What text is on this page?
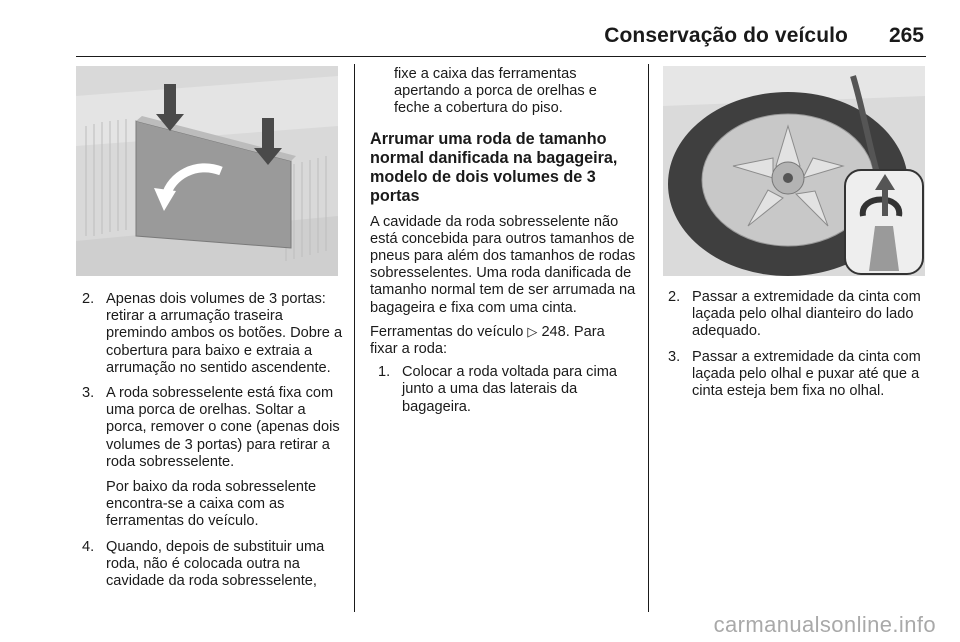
Conservação do veículo 265
2. Apenas dois volumes de 3 portas: retirar a arrumação traseira premindo ambos os botões. Dobre a cobertura para baixo e extraia a arrumação no sentido ascendente.
3. A roda sobresselente está fixa com uma porca de orelhas. Soltar a porca, remover o cone (apenas dois volumes de 3 portas) para retirar a roda sobresselente.
Por baixo da roda sobresselente encontra-se a caixa com as ferramentas do veículo.
4. Quando, depois de substituir uma roda, não é colocada outra na cavidade da roda sobresselente,
fixe a caixa das ferramentas apertando a porca de orelhas e feche a cobertura do piso.
Arrumar uma roda de tamanho normal danificada na bagageira, modelo de dois volumes de 3 portas

A cavidade da roda sobresselente não está concebida para outros tamanhos de pneus para além dos tamanhos de rodas sobresselentes. Uma roda danificada de tamanho normal tem de ser arrumada na bagageira e fixa com uma cinta.

Ferramentas do veículo ▷ 248. Para fixar a roda:

1. Colocar a roda voltada para cima junto a uma das laterais da bagageira.
2. Passar a extremidade da cinta com laçada pelo olhal dianteiro do lado adequado.
3. Passar a extremidade da cinta com laçada pelo olhal e puxar até que a cinta esteja bem fixa no olhal.
carmanualsonline.info
